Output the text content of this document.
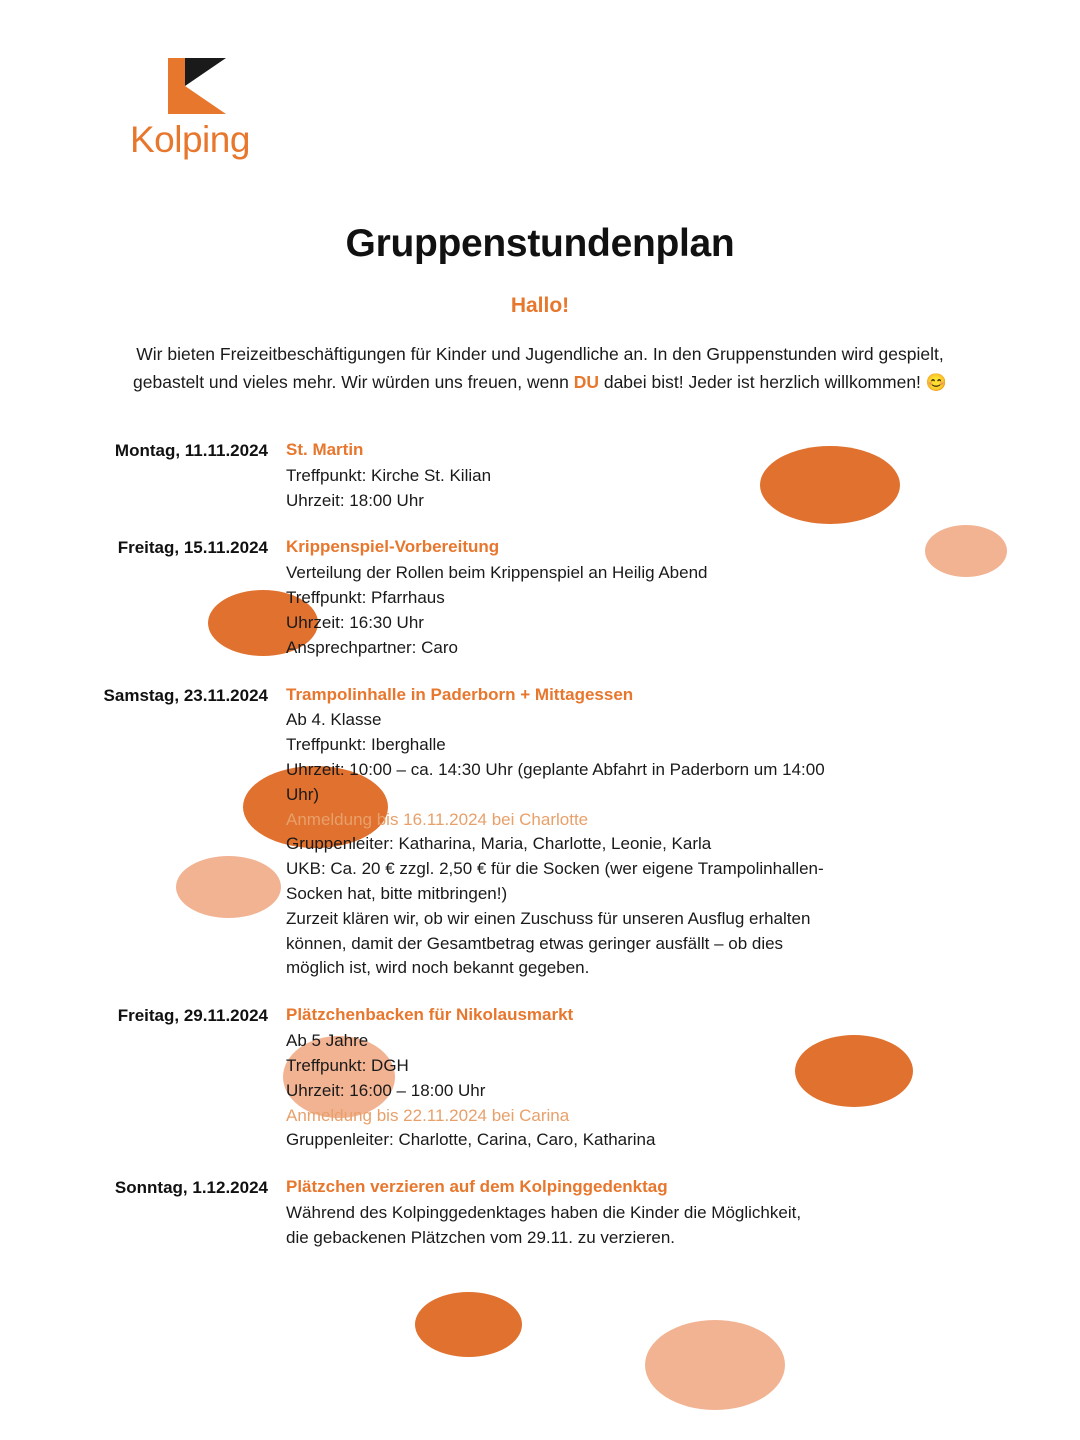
Kolping
Gruppenstundenplan
Hallo!
Wir bieten Freizeitbeschäftigungen für Kinder und Jugendliche an. In den Gruppenstunden wird gespielt, gebastelt und vieles mehr. Wir würden uns freuen, wenn DU dabei bist! Jeder ist herzlich willkommen! 😊
Montag, 11.11.2024	St. Martin
Treffpunkt: Kirche St. Kilian
Uhrzeit: 18:00 Uhr
Freitag, 15.11.2024	Krippenspiel-Vorbereitung
Verteilung der Rollen beim Krippenspiel an Heilig Abend
Treffpunkt: Pfarrhaus
Uhrzeit: 16:30 Uhr
Ansprechpartner: Caro
Samstag, 23.11.2024	Trampolinhalle in Paderborn + Mittagessen
Ab 4. Klasse
Treffpunkt: Iberghalle
Uhrzeit: 10:00 – ca. 14:30 Uhr (geplante Abfahrt in Paderborn um 14:00 Uhr)
Anmeldung bis 16.11.2024 bei Charlotte
Gruppenleiter: Katharina, Maria, Charlotte, Leonie, Karla
UKB: Ca. 20 € zzgl. 2,50 € für die Socken (wer eigene Trampolinhallen-Socken hat, bitte mitbringen!)
Zurzeit klären wir, ob wir einen Zuschuss für unseren Ausflug erhalten können, damit der Gesamtbetrag etwas geringer ausfällt – ob dies möglich ist, wird noch bekannt gegeben.
Freitag, 29.11.2024	Plätzchenbacken für Nikolausmarkt
Ab 5 Jahre
Treffpunkt: DGH
Uhrzeit: 16:00 – 18:00 Uhr
Anmeldung bis 22.11.2024 bei Carina
Gruppenleiter: Charlotte, Carina, Caro, Katharina
Sonntag, 1.12.2024	Plätzchen verzieren auf dem Kolpinggedenktag
Während des Kolpinggedenktages haben die Kinder die Möglichkeit, die gebackenen Plätzchen vom 29.11. zu verzieren.
